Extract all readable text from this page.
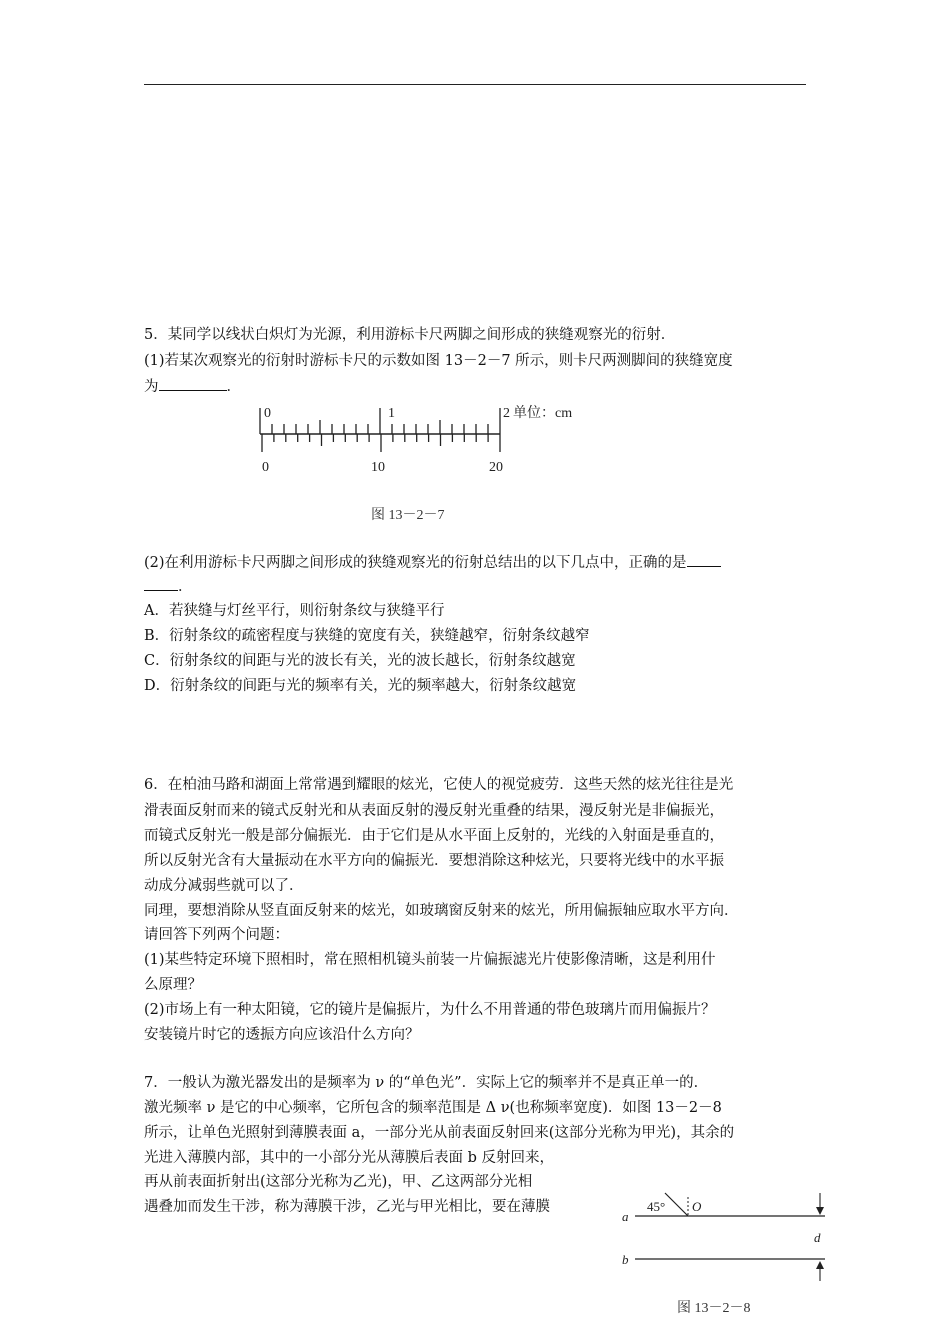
5．某同学以线状白炽灯为光源，利用游标卡尺两脚之间形成的狭缝观察光的衍射．
(1)若某次观察光的衍射时游标卡尺的示数如图 13－2－7 所示，则卡尺两测脚间的狭缝宽度
为	．
0	1	2 单位：cm
0	10	20
图 13－2－7
(2)在利用游标卡尺两脚之间形成的狭缝观察光的衍射总结出的以下几点中，正确的是
．
A．若狭缝与灯丝平行，则衍射条纹与狭缝平行
B．衍射条纹的疏密程度与狭缝的宽度有关，狭缝越窄，衍射条纹越窄
C．衍射条纹的间距与光的波长有关，光的波长越长，衍射条纹越宽
D．衍射条纹的间距与光的频率有关，光的频率越大，衍射条纹越宽
6．在柏油马路和湖面上常常遇到耀眼的炫光，它使人的视觉疲劳．这些天然的炫光往往是光
滑表面反射而来的镜式反射光和从表面反射的漫反射光重叠的结果，漫反射光是非偏振光，
而镜式反射光一般是部分偏振光．由于它们是从水平面上反射的，光线的入射面是垂直的，
所以反射光含有大量振动在水平方向的偏振光．要想消除这种炫光，只要将光线中的水平振
动成分减弱些就可以了．
同理，要想消除从竖直面反射来的炫光，如玻璃窗反射来的炫光，所用偏振轴应取水平方向．
请回答下列两个问题：
(1)某些特定环境下照相时，常在照相机镜头前装一片偏振滤光片使影像清晰，这是利用什
么原理？
(2)市场上有一种太阳镜，它的镜片是偏振片，为什么不用普通的带色玻璃片而用偏振片？
安装镜片时它的透振方向应该沿什么方向？
7．一般认为激光器发出的是频率为 ν 的“单色光”．实际上它的频率并不是真正单一的．
激光频率 ν 是它的中心频率，它所包含的频率范围是 Δ ν(也称频率宽度)．如图 13－2－8
所示，让单色光照射到薄膜表面 a，一部分光从前表面反射回来(这部分光称为甲光)，其余的
光进入薄膜内部，其中的一小部分光从薄膜后表面 b 反射回来，
再从前表面折射出(这部分光称为乙光)，甲、乙这两部分光相
遇叠加而发生干涉，称为薄膜干涉，乙光与甲光相比，要在薄膜	45° O
a
b
d
图 13－2－8
